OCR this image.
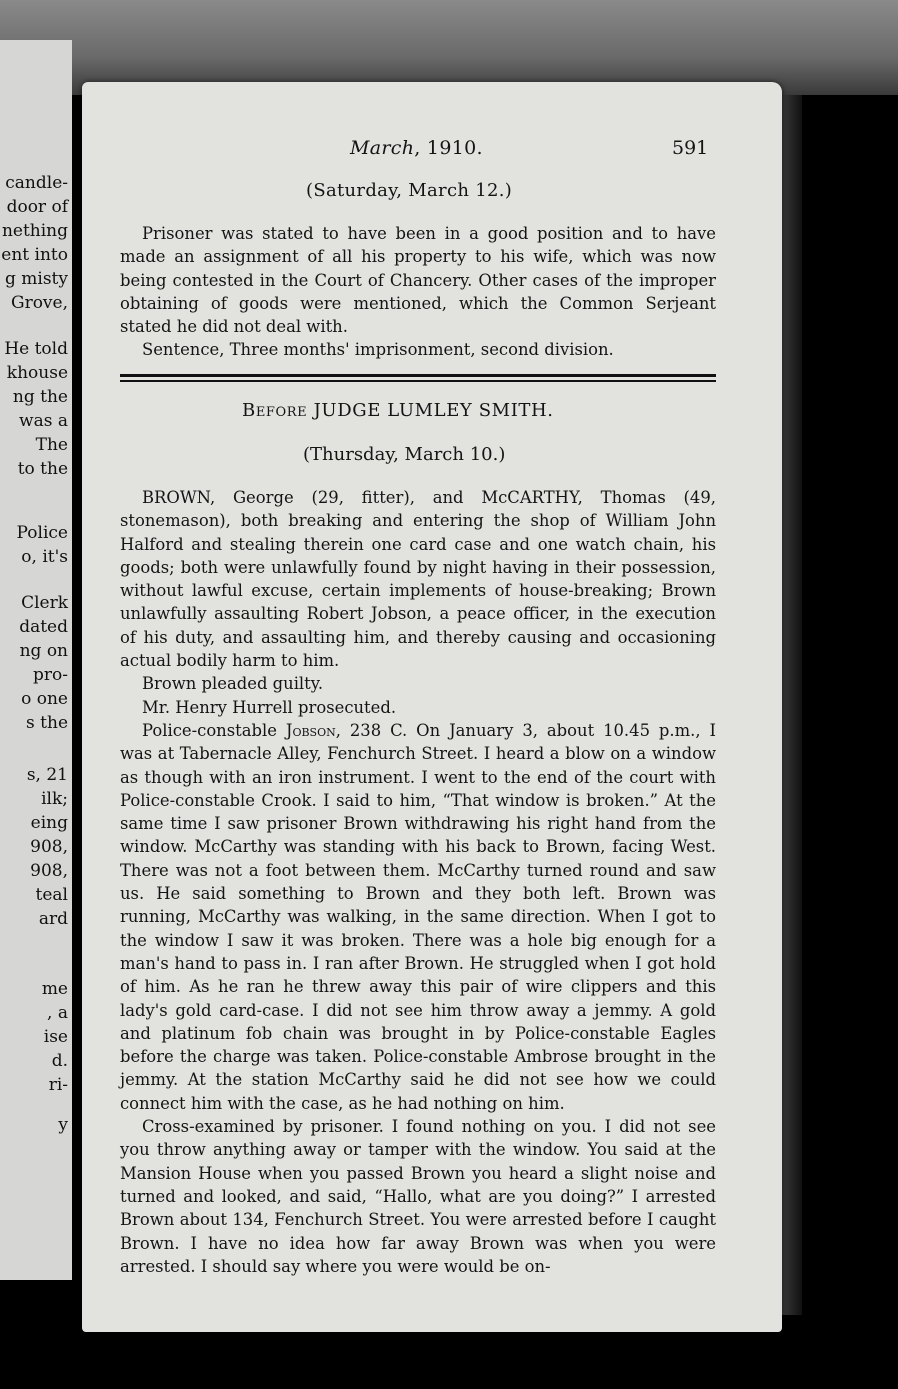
candle-
door of
nething
ent into
g misty
Grove,
He told
khouse
ng the
was a
The
to the
Police
o, it's
Clerk
dated
ng on
pro-
o one
s the
s, 21
ilk;
eing
908,
908,
teal
ard
me
, a
ise
d.
ri-
y
March, 1910.	591
(Saturday, March 12.)

Prisoner was stated to have been in a good position and to have made an assignment of all his property to his wife, which was now being contested in the Court of Chancery. Other cases of the improper obtaining of goods were mentioned, which the Common Serjeant stated he did not deal with.

Sentence, Three months' imprisonment, second division.

Before JUDGE LUMLEY SMITH.
(Thursday, March 10.)

BROWN, George (29, fitter), and McCARTHY, Thomas (49, stonemason), both breaking and entering the shop of William John Halford and stealing therein one card case and one watch chain, his goods; both were unlawfully found by night having in their possession, without lawful excuse, certain implements of house-breaking; Brown unlawfully assaulting Robert Jobson, a peace officer, in the execution of his duty, and assaulting him, and thereby causing and occasioning actual bodily harm to him.

Brown pleaded guilty.

Mr. Henry Hurrell prosecuted.

Police-constable Jobson, 238 C. On January 3, about 10.45 p.m., I was at Tabernacle Alley, Fenchurch Street. I heard a blow on a window as though with an iron instrument. I went to the end of the court with Police-constable Crook. I said to him, “That window is broken.” At the same time I saw prisoner Brown withdrawing his right hand from the window. McCarthy was standing with his back to Brown, facing West. There was not a foot between them. McCarthy turned round and saw us. He said something to Brown and they both left. Brown was running, McCarthy was walking, in the same direction. When I got to the window I saw it was broken. There was a hole big enough for a man's hand to pass in. I ran after Brown. He struggled when I got hold of him. As he ran he threw away this pair of wire clippers and this lady's gold card-case. I did not see him throw away a jemmy. A gold and platinum fob chain was brought in by Police-constable Eagles before the charge was taken. Police-constable Ambrose brought in the jemmy. At the station McCarthy said he did not see how we could connect him with the case, as he had nothing on him.

Cross-examined by prisoner. I found nothing on you. I did not see you throw anything away or tamper with the window. You said at the Mansion House when you passed Brown you heard a slight noise and turned and looked, and said, “Hallo, what are you doing?” I arrested Brown about 134, Fenchurch Street. You were arrested before I caught Brown. I have no idea how far away Brown was when you were arrested. I should say where you were would be on-
